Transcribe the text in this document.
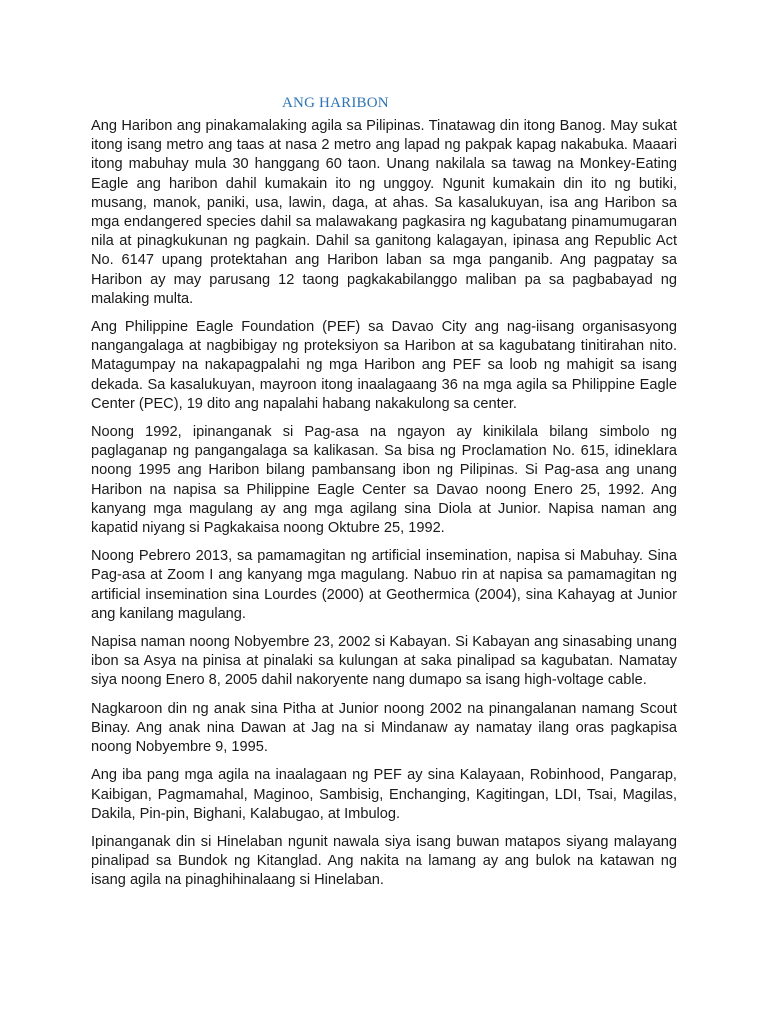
ANG HARIBON

Ang Haribon ang pinakamalaking agila sa Pilipinas. Tinatawag din itong Banog. May sukat itong isang metro ang taas at nasa 2 metro ang lapad ng pakpak kapag nakabuka. Maaari itong mabuhay mula 30 hanggang 60 taon. Unang nakilala sa tawag na Monkey-Eating Eagle ang haribon dahil kumakain ito ng unggoy. Ngunit kumakain din ito ng butiki, musang, manok, paniki, usa, lawin, daga, at ahas. Sa kasalukuyan, isa ang Haribon sa mga endangered species dahil sa malawakang pagkasira ng kagubatang pinamumugaran nila at pinagkukunan ng pagkain. Dahil sa ganitong kalagayan, ipinasa ang Republic Act No. 6147 upang protektahan ang Haribon laban sa mga panganib. Ang pagpatay sa Haribon ay may parusang 12 taong pagkakabilanggo maliban pa sa pagbabayad ng malaking multa.

Ang Philippine Eagle Foundation (PEF) sa Davao City ang nag-iisang organisasyong nangangalaga at nagbibigay ng proteksiyon sa Haribon at sa kagubatang tinitirahan nito. Matagumpay na nakapagpalahi ng mga Haribon ang PEF sa loob ng mahigit sa isang dekada. Sa kasalukuyan, mayroon itong inaalagaang 36 na mga agila sa Philippine Eagle Center (PEC), 19 dito ang napalahi habang nakakulong sa center.

Noong 1992, ipinanganak si Pag-asa na ngayon ay kinikilala bilang simbolo ng paglaganap ng pangangalaga sa kalikasan. Sa bisa ng Proclamation No. 615, idineklara noong 1995 ang Haribon bilang pambansang ibon ng Pilipinas. Si Pag-asa ang unang Haribon na napisa sa Philippine Eagle Center sa Davao noong Enero 25, 1992. Ang kanyang mga magulang ay ang mga agilang sina Diola at Junior. Napisa naman ang kapatid niyang si Pagkakaisa noong Oktubre 25, 1992.

Noong Pebrero 2013, sa pamamagitan ng artificial insemination, napisa si Mabuhay. Sina Pag-asa at Zoom I ang kanyang mga magulang. Nabuo rin at napisa sa pamamagitan ng artificial insemination sina Lourdes (2000) at Geothermica (2004), sina Kahayag at Junior ang kanilang magulang.

Napisa naman noong Nobyembre 23, 2002 si Kabayan. Si Kabayan ang sinasabing unang ibon sa Asya na pinisa at pinalaki sa kulungan at saka pinalipad sa kagubatan. Namatay siya noong Enero 8, 2005 dahil nakoryente nang dumapo sa isang high-voltage cable.

Nagkaroon din ng anak sina Pitha at Junior noong 2002 na pinangalanan namang Scout Binay. Ang anak nina Dawan at Jag na si Mindanaw ay namatay ilang oras pagkapisa noong Nobyembre 9, 1995.

Ang iba pang mga agila na inaalagaan ng PEF ay sina Kalayaan, Robinhood, Pangarap, Kaibigan, Pagmamahal, Maginoo, Sambisig, Enchanging, Kagitingan, LDI, Tsai, Magilas, Dakila, Pin-pin, Bighani, Kalabugao, at Imbulog.

Ipinanganak din si Hinelaban ngunit nawala siya isang buwan matapos siyang malayang pinalipad sa Bundok ng Kitanglad. Ang nakita na lamang ay ang bulok na katawan ng isang agila na pinaghihinalaang si Hinelaban.
